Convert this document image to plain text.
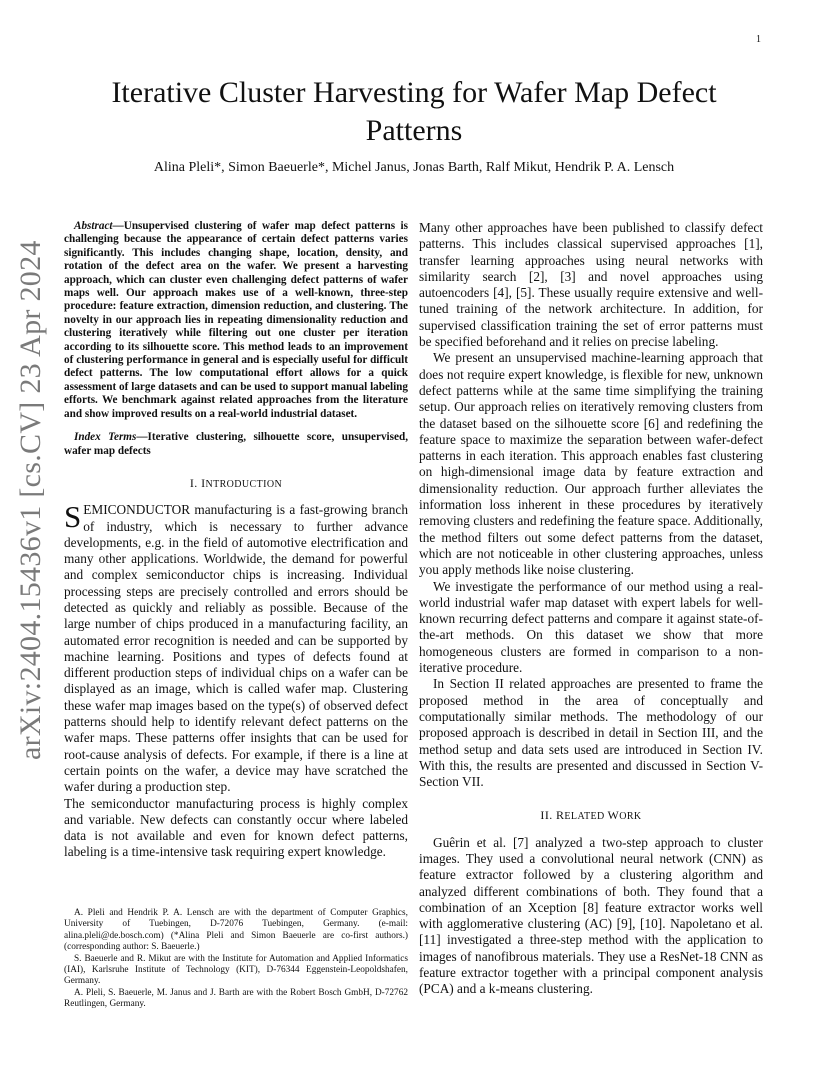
1
arXiv:2404.15436v1 [cs.CV] 23 Apr 2024
Iterative Cluster Harvesting for Wafer Map Defect Patterns
Alina Pleli*, Simon Baeuerle*, Michel Janus, Jonas Barth, Ralf Mikut, Hendrik P. A. Lensch

Abstract—Unsupervised clustering of wafer map defect patterns is challenging because the appearance of certain defect patterns varies significantly. This includes changing shape, location, density, and rotation of the defect area on the wafer. We present a harvesting approach, which can cluster even challenging defect patterns of wafer maps well. Our approach makes use of a well-known, three-step procedure: feature extraction, dimension reduction, and clustering. The novelty in our approach lies in repeating dimensionality reduction and clustering iteratively while filtering out one cluster per iteration according to its silhouette score. This method leads to an improvement of clustering performance in general and is especially useful for difficult defect patterns. The low computational effort allows for a quick assessment of large datasets and can be used to support manual labeling efforts. We benchmark against related approaches from the literature and show improved results on a real-world industrial dataset.

Index Terms—Iterative clustering, silhouette score, unsupervised, wafer map defects

I. INTRODUCTION

SEMICONDUCTOR manufacturing is a fast-growing branch of industry, which is necessary to further advance developments, e.g. in the field of automotive electrification and many other applications. Worldwide, the demand for powerful and complex semiconductor chips is increasing. Individual processing steps are precisely controlled and errors should be detected as quickly and reliably as possible. Because of the large number of chips produced in a manufacturing facility, an automated error recognition is needed and can be supported by machine learning. Positions and types of defects found at different production steps of individual chips on a wafer can be displayed as an image, which is called wafer map. Clustering these wafer map images based on the type(s) of observed defect patterns should help to identify relevant defect patterns on the wafer maps. These patterns offer insights that can be used for root-cause analysis of defects. For example, if there is a line at certain points on the wafer, a device may have scratched the wafer during a production step.

The semiconductor manufacturing process is highly complex and variable. New defects can constantly occur where labeled data is not available and even for known defect patterns, labeling is a time-intensive task requiring expert knowledge.

A. Pleli and Hendrik P. A. Lensch are with the department of Computer Graphics, University of Tuebingen, D-72076 Tuebingen, Germany. (e-mail: alina.pleli@de.bosch.com) (*Alina Pleli and Simon Baeuerle are co-first authors.) (corresponding author: S. Baeuerle.)

S. Baeuerle and R. Mikut are with the Institute for Automation and Applied Informatics (IAI), Karlsruhe Institute of Technology (KIT), D-76344 Eggenstein-Leopoldshafen, Germany.

A. Pleli, S. Baeuerle, M. Janus and J. Barth are with the Robert Bosch GmbH, D-72762 Reutlingen, Germany.

Many other approaches have been published to classify defect patterns. This includes classical supervised approaches [1], transfer learning approaches using neural networks with similarity search [2], [3] and novel approaches using autoencoders [4], [5]. These usually require extensive and well-tuned training of the network architecture. In addition, for supervised classification training the set of error patterns must be specified beforehand and it relies on precise labeling.

We present an unsupervised machine-learning approach that does not require expert knowledge, is flexible for new, unknown defect patterns while at the same time simplifying the training setup. Our approach relies on iteratively removing clusters from the dataset based on the silhouette score [6] and redefining the feature space to maximize the separation between wafer-defect patterns in each iteration. This approach enables fast clustering on high-dimensional image data by feature extraction and dimensionality reduction. Our approach further alleviates the information loss inherent in these procedures by iteratively removing clusters and redefining the feature space. Additionally, the method filters out some defect patterns from the dataset, which are not noticeable in other clustering approaches, unless you apply methods like noise clustering.

We investigate the performance of our method using a real-world industrial wafer map dataset with expert labels for well-known recurring defect patterns and compare it against state-of-the-art methods. On this dataset we show that more homogeneous clusters are formed in comparison to a non-iterative procedure.

In Section II related approaches are presented to frame the proposed method in the area of conceptually and computationally similar methods. The methodology of our proposed approach is described in detail in Section III, and the method setup and data sets used are introduced in Section IV. With this, the results are presented and discussed in Section V-Section VII.

II. RELATED WORK

Guêrin et al. [7] analyzed a two-step approach to cluster images. They used a convolutional neural network (CNN) as feature extractor followed by a clustering algorithm and analyzed different combinations of both. They found that a combination of an Xception [8] feature extractor works well with agglomerative clustering (AC) [9], [10]. Napoletano et al. [11] investigated a three-step method with the application to images of nanofibrous materials. They use a ResNet-18 CNN as feature extractor together with a principal component analysis (PCA) and a k-means clustering.
